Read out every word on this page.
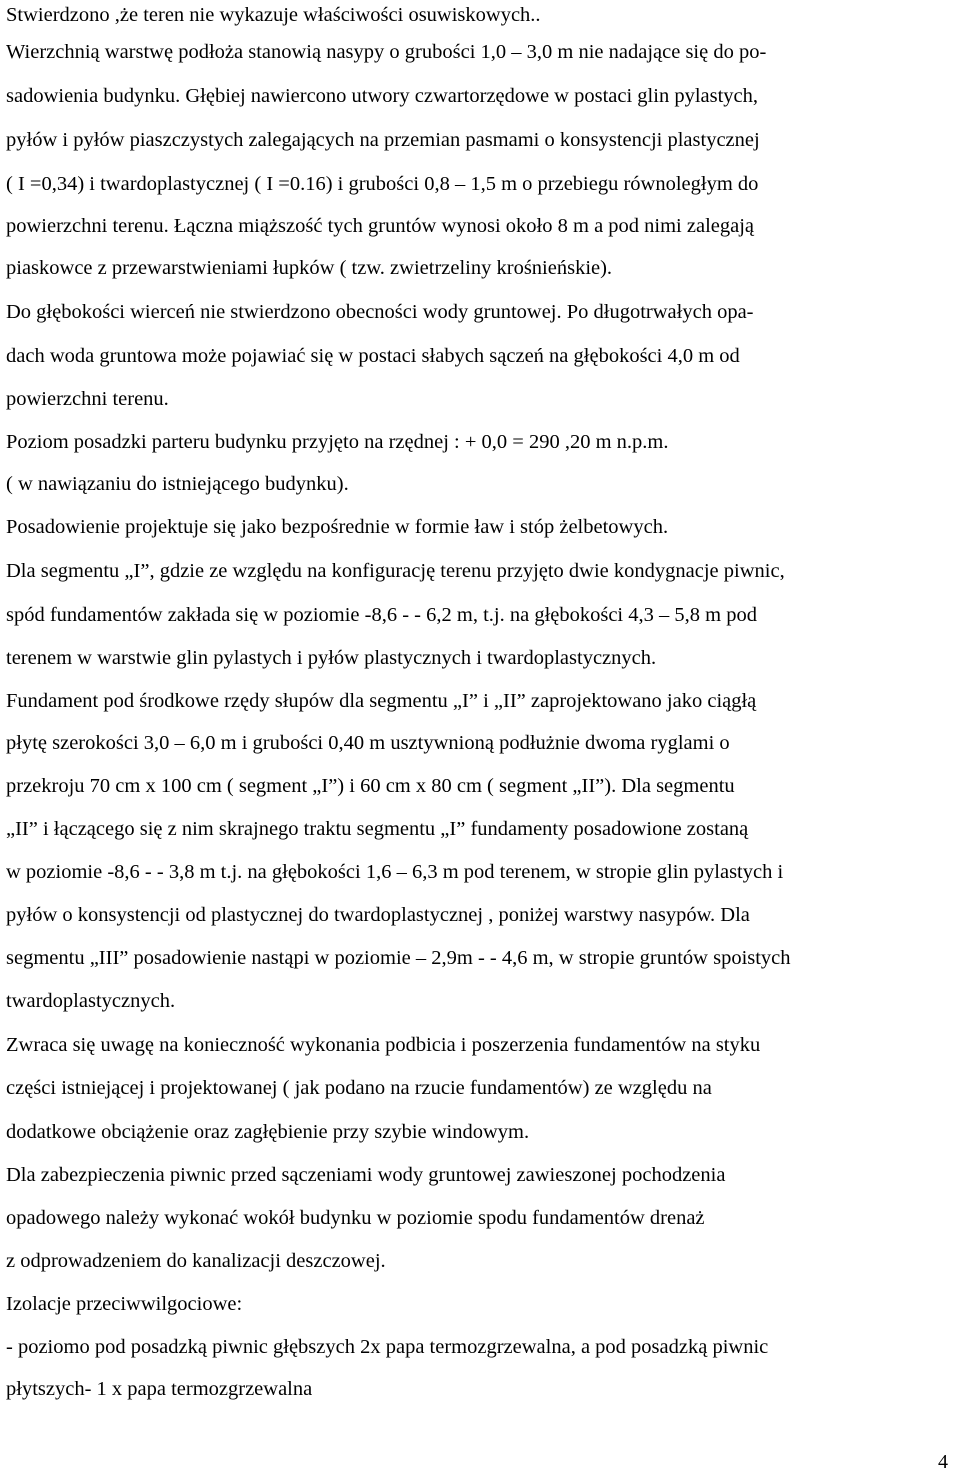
Stwierdzono ,że teren nie wykazuje właściwości osuwiskowych..
Wierzchnią warstwę podłoża stanowią nasypy o grubości 1,0 – 3,0 m nie nadające się do po-
sadowienia budynku. Głębiej nawiercono utwory czwartorzędowe w postaci glin pylastych,
pyłów i pyłów piaszczystych zalegających na przemian pasmami o konsystencji plastycznej
( I =0,34) i twardoplastycznej ( I =0.16) i grubości 0,8 – 1,5 m o przebiegu równoległym do
powierzchni terenu. Łączna miąższość tych gruntów wynosi około 8 m a pod nimi zalegają
piaskowce z przewarstwieniami łupków ( tzw. zwietrzeliny krośnieńskie).
Do głębokości wierceń nie stwierdzono obecności wody gruntowej. Po długotrwałych opa-
dach woda gruntowa może pojawiać się w postaci słabych sączeń na głębokości 4,0 m od
powierzchni terenu.
Poziom posadzki parteru budynku przyjęto na rzędnej : + 0,0 = 290 ,20 m n.p.m.
( w nawiązaniu do istniejącego budynku).
Posadowienie projektuje się jako bezpośrednie w formie ław i stóp żelbetowych.
Dla segmentu „I”, gdzie ze względu na konfigurację terenu przyjęto dwie kondygnacje piwnic,
spód fundamentów zakłada się w poziomie -8,6 - - 6,2 m, t.j. na głębokości 4,3 – 5,8 m pod
terenem w warstwie glin pylastych i pyłów plastycznych i twardoplastycznych.
Fundament pod środkowe rzędy słupów dla segmentu „I” i „II” zaprojektowano jako ciągłą
płytę szerokości 3,0 – 6,0 m i grubości 0,40 m usztywnioną podłużnie dwoma ryglami o
przekroju 70 cm x 100 cm ( segment „I”) i 60 cm x 80 cm ( segment „II”). Dla segmentu
„II” i łączącego się z nim skrajnego traktu segmentu „I” fundamenty posadowione zostaną
w poziomie -8,6 - - 3,8 m t.j. na głębokości 1,6 – 6,3 m pod terenem, w stropie glin pylastych i
pyłów o konsystencji od plastycznej do twardoplastycznej , poniżej warstwy nasypów. Dla
segmentu „III” posadowienie nastąpi w poziomie – 2,9m - - 4,6 m, w stropie gruntów spoistych
twardoplastycznych.
Zwraca się uwagę na konieczność wykonania podbicia i poszerzenia fundamentów na styku
części istniejącej i projektowanej ( jak podano na rzucie fundamentów) ze względu na
dodatkowe obciążenie oraz zagłębienie przy szybie windowym.
Dla zabezpieczenia piwnic przed sączeniami wody gruntowej zawieszonej pochodzenia
opadowego należy wykonać wokół budynku w poziomie spodu fundamentów drenaż
z odprowadzeniem do kanalizacji deszczowej.
Izolacje przeciwwilgociowe:
- poziomo pod posadzką piwnic głębszych 2x papa termozgrzewalna, a pod posadzką piwnic
płytszych- 1 x papa termozgrzewalna
4
